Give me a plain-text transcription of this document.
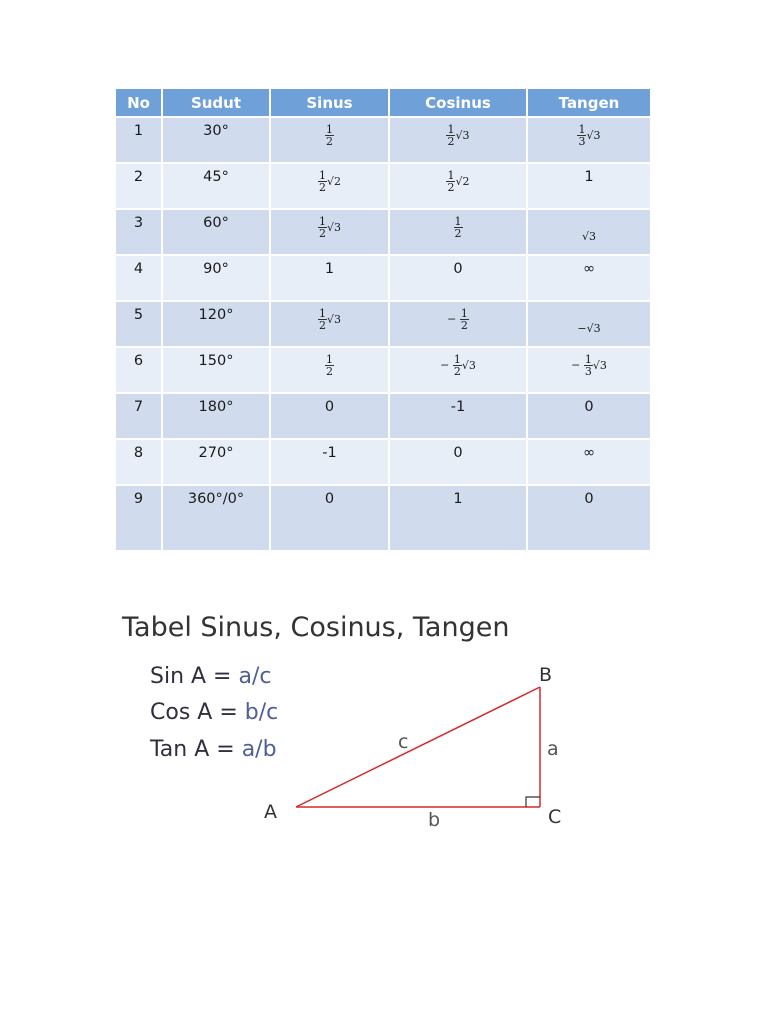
No	Sudut	Sinus	Cosinus	Tangen

1	30°	$\frac{1}{2}$	$\frac{1}{2} √3$	$\frac{1}{3} √3$

2	45°	$\frac{1}{2} √2$	$\frac{1}{2} √2$	1

3	60°	$\frac{1}{2} √3$	$\frac{1}{2}$	√3

4	90°	1	0	∞

5	120°	$\frac{1}{2} √3$	− $\frac{1}{2}$	−√3

6	150°	$\frac{1}{2}$	− $\frac{1}{2} √3$	− $\frac{1}{3} √3$

7	180°	0	-1	0

8	270°	-1	0	∞

9	360°/0°	0	1	0
Tabel Sinus, Cosinus, Tangen
Sin A = a/c
Cos A = b/c
Tan A = a/b
A
B
C
c	a
b
